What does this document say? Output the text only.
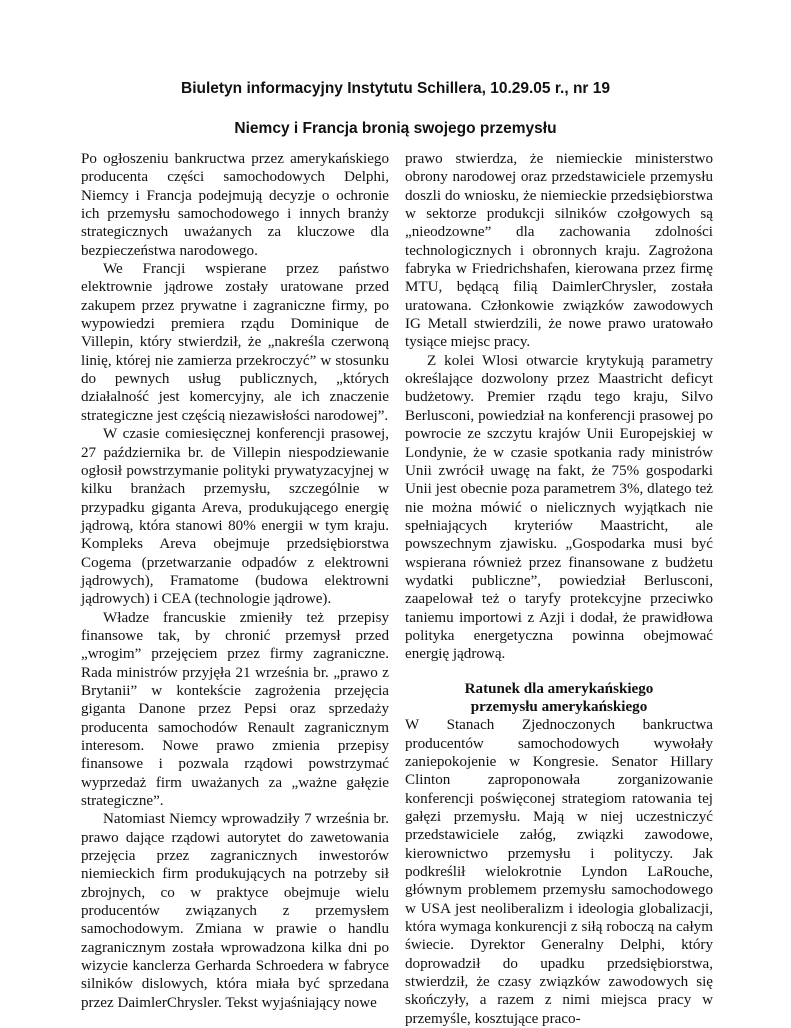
Biuletyn informacyjny Instytutu Schillera, 10.29.05 r., nr 19
Niemcy i Francja bronią swojego przemysłu

Po ogłoszeniu bankructwa przez amerykańskiego producenta części samochodowych Delphi, Niemcy i Francja podejmują decyzje o ochronie ich przemysłu samochodowego i innych branży strategicznych uważanych za kluczowe dla bezpieczeństwa narodowego.

We Francji wspierane przez państwo elektrownie jądrowe zostały uratowane przed zakupem przez prywatne i zagraniczne firmy, po wypowiedzi premiera rządu Dominique de Villepin, który stwierdził, że „nakreśla czerwoną linię, której nie zamierza przekroczyć” w stosunku do pewnych usług publicznych, „których działalność jest komercyjny, ale ich znaczenie strategiczne jest częścią niezawisłości narodowej”.

W czasie comiesięcznej konferencji prasowej, 27 października br. de Villepin niespodziewanie ogłosił powstrzymanie polityki prywatyzacyjnej w kilku branżach przemysłu, szczególnie w przypadku giganta Areva, produkującego energię jądrową, która stanowi 80% energii w tym kraju. Kompleks Areva obejmuje przedsiębiorstwa Cogema (przetwarzanie odpadów z elektrowni jądrowych), Framatome (budowa elektrowni jądrowych) i CEA (technologie jądrowe).

Władze francuskie zmieniły też przepisy finansowe tak, by chronić przemysł przed „wrogim” przejęciem przez firmy zagraniczne. Rada ministrów przyjęła 21 września br. „prawo z Brytanii” w kontekście zagrożenia przejęcia giganta Danone przez Pepsi oraz sprzedaży producenta samochodów Renault zagranicznym interesom. Nowe prawo zmienia przepisy finansowe i pozwala rządowi powstrzymać wyprzedaż firm uważanych za „ważne gałęzie strategiczne”.

Natomiast Niemcy wprowadziły 7 września br. prawo dające rządowi autorytet do zawetowania przejęcia przez zagranicznych inwestorów niemieckich firm produkujących na potrzeby sił zbrojnych, co w praktyce obejmuje wielu producentów związanych z przemysłem samochodowym. Zmiana w prawie o handlu zagranicznym została wprowadzona kilka dni po wizycie kanclerza Gerharda Schroedera w fabryce silników dislowych, która miała być sprzedana przez DaimlerChrysler. Tekst wyjaśniający nowe

prawo stwierdza, że niemieckie ministerstwo obrony narodowej oraz przedstawiciele przemysłu doszli do wniosku, że niemieckie przedsiębiorstwa w sektorze produkcji silników czołgowych są „nieodzowne” dla zachowania zdolności technologicznych i obronnych kraju. Zagrożona fabryka w Friedrichshafen, kierowana przez firmę MTU, będącą filią DaimlerChrysler, została uratowana. Członkowie związków zawodowych IG Metall stwierdzili, że nowe prawo uratowało tysiące miejsc pracy.

Z kolei Wlosi otwarcie krytykują parametry określające dozwolony przez Maastricht deficyt budżetowy. Premier rządu tego kraju, Silvo Berlusconi, powiedział na konferencji prasowej po powrocie ze szczytu krajów Unii Europejskiej w Londynie, że w czasie spotkania rady ministrów Unii zwrócił uwagę na fakt, że 75% gospodarki Unii jest obecnie poza parametrem 3%, dlatego też nie można mówić o nielicznych wyjątkach nie spełniających kryteriów Maastricht, ale powszechnym zjawisku. „Gospodarka musi być wspierana również przez finansowane z budżetu wydatki publiczne”, powiedział Berlusconi, zaapelował też o taryfy protekcyjne przeciwko taniemu importowi z Azji i dodał, że prawidłowa polityka energetyczna powinna obejmować energię jądrową.

Ratunek dla amerykańskiego
przemysłu amerykańskiego

W Stanach Zjednoczonych bankructwa producentów samochodowych wywołały zaniepokojenie w Kongresie. Senator Hillary Clinton zaproponowała zorganizowanie konferencji poświęconej strategiom ratowania tej gałęzi przemysłu. Mają w niej uczestniczyć przedstawiciele załóg, związki zawodowe, kierownictwo przemysłu i polityczy. Jak podkreślił wielokrotnie Lyndon LaRouche, głównym problemem przemysłu samochodowego w USA jest neoliberalizm i ideologia globalizacji, która wymaga konkurencji z siłą roboczą na całym świecie. Dyrektor Generalny Delphi, który doprowadził do upadku przedsiębiorstwa, stwierdził, że czasy związków zawodowych się skończyły, a razem z nimi miejsca pracy w przemyśle, kosztujące praco-
